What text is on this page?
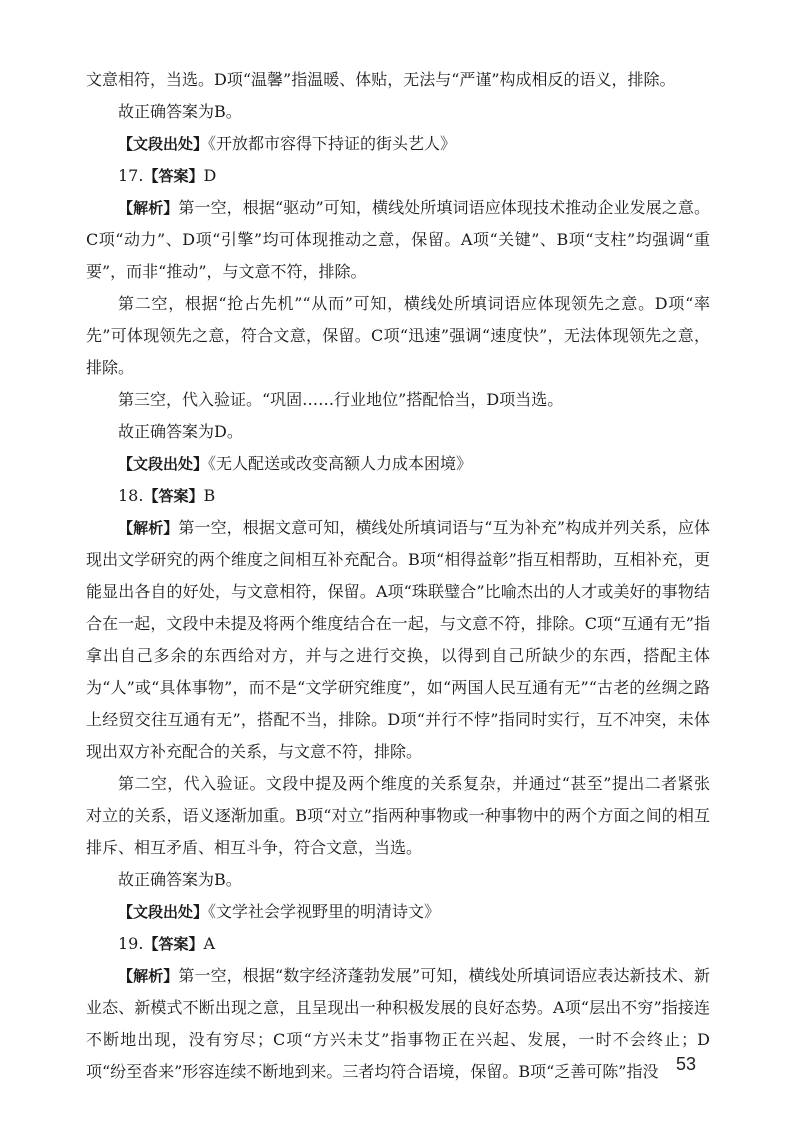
文意相符，当选。D项“温馨”指温暖、体贴，无法与“严谨”构成相反的语义，排除。

故正确答案为B。

【文段出处】《开放都市容得下持证的街头艺人》

17.【答案】D

【解析】第一空，根据“驱动”可知，横线处所填词语应体现技术推动企业发展之意。C项“动力”、D项“引擎”均可体现推动之意，保留。A项“关键”、B项“支柱”均强调“重要”，而非“推动”，与文意不符，排除。

第二空，根据“抢占先机”“从而”可知，横线处所填词语应体现领先之意。D项“率先”可体现领先之意，符合文意，保留。C项“迅速”强调“速度快”，无法体现领先之意，排除。

第三空，代入验证。“巩固……行业地位”搭配恰当，D项当选。

故正确答案为D。

【文段出处】《无人配送或改变高额人力成本困境》

18.【答案】B

【解析】第一空，根据文意可知，横线处所填词语与“互为补充”构成并列关系，应体现出文学研究的两个维度之间相互补充配合。B项“相得益彰”指互相帮助，互相补充，更能显出各自的好处，与文意相符，保留。A项“珠联璧合”比喻杰出的人才或美好的事物结合在一起，文段中未提及将两个维度结合在一起，与文意不符，排除。C项“互通有无”指拿出自己多余的东西给对方，并与之进行交换，以得到自己所缺少的东西，搭配主体为“人”或“具体事物”，而不是“文学研究维度”，如“两国人民互通有无”“古老的丝绸之路上经贸交往互通有无”，搭配不当，排除。D项“并行不悖”指同时实行，互不冲突，未体现出双方补充配合的关系，与文意不符，排除。

第二空，代入验证。文段中提及两个维度的关系复杂，并通过“甚至”提出二者紧张对立的关系，语义逐渐加重。B项“对立”指两种事物或一种事物中的两个方面之间的相互排斥、相互矛盾、相互斗争，符合文意，当选。

故正确答案为B。

【文段出处】《文学社会学视野里的明清诗文》

19.【答案】A

【解析】第一空，根据“数字经济蓬勃发展”可知，横线处所填词语应表达新技术、新业态、新模式不断出现之意，且呈现出一种积极发展的良好态势。A项“层出不穷”指接连不断地出现，没有穷尽；C项“方兴未艾”指事物正在兴起、发展，一时不会终止；D项“纷至沓来”形容连续不断地到来。三者均符合语境，保留。B项“乏善可陈”指没 53
